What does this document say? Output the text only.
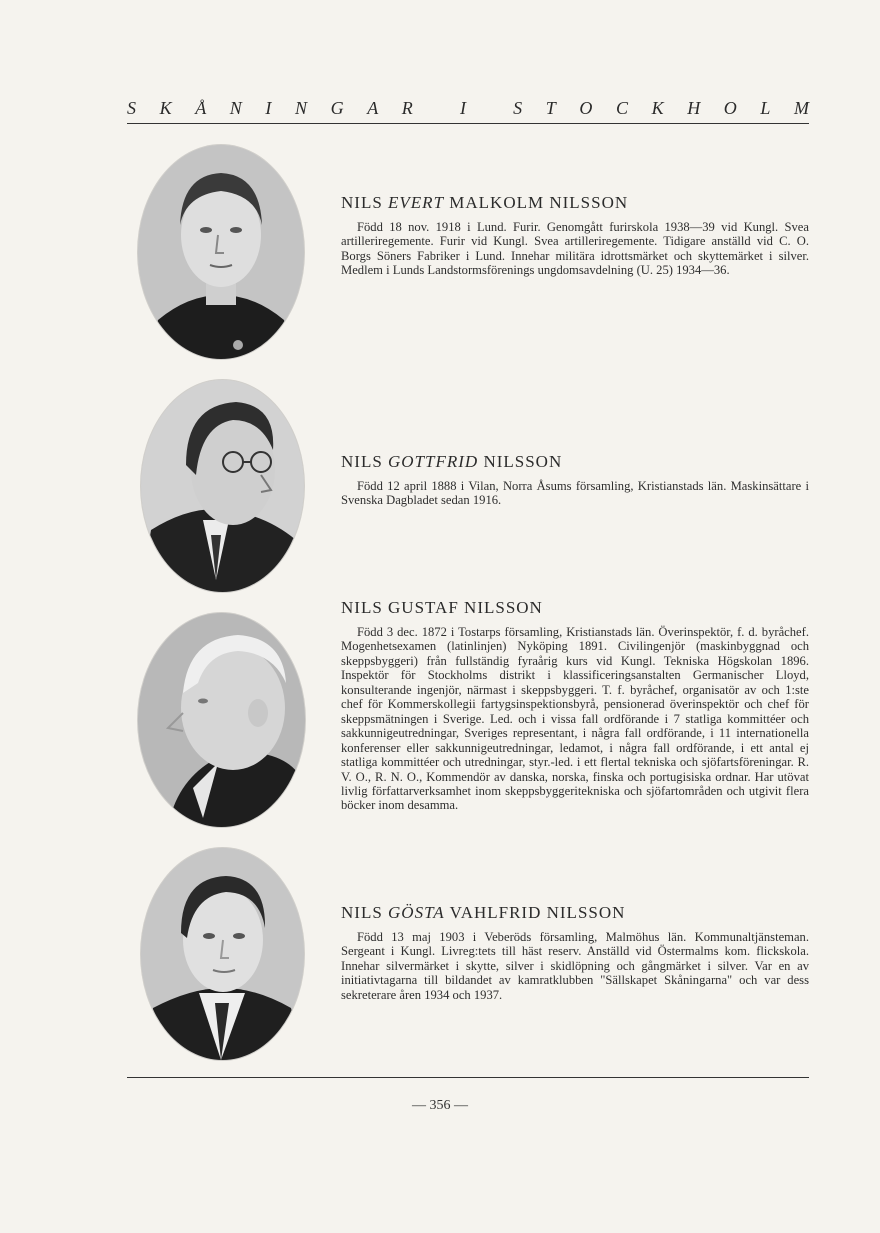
S K Å N I N G A R	I	S T O C K H O L M
NILS EVERT MALKOLM NILSSON

Född 18 nov. 1918 i Lund. Furir. Genomgått furirskola 1938—39 vid Kungl. Svea artilleriregemente. Furir vid Kungl. Svea artilleriregemente. Tidigare anställd vid C. O. Borgs Söners Fabriker i Lund. Innehar militära idrottsmärket och skyttemärket i silver. Medlem i Lunds Landstormsförenings ungdomsavdelning (U. 25) 1934—36.

NILS GOTTFRID NILSSON

Född 12 april 1888 i Vilan, Norra Åsums församling, Kristianstads län. Maskinsättare i Svenska Dagbladet sedan 1916.

NILS GUSTAF NILSSON

Född 3 dec. 1872 i Tostarps församling, Kristianstads län. Överinspektör, f. d. byråchef. Mogenhetsexamen (latinlinjen) Nyköping 1891. Civilingenjör (maskinbyggnad och skeppsbyggeri) från fullständig fyraårig kurs vid Kungl. Tekniska Högskolan 1896. Inspektör för Stockholms distrikt i klassificeringsanstalten Germanischer Lloyd, konsulterande ingenjör, närmast i skeppsbyggeri. T. f. byråchef, organisatör av och 1:ste chef för Kommerskollegii fartygsinspektionsbyrå, pensionerad överinspektör och chef för skeppsmätningen i Sverige. Led. och i vissa fall ordförande i 7 statliga kommittéer och sakkunnigeutredningar, Sveriges representant, i några fall ordförande, i 11 internationella konferenser eller sakkunnigeutredningar, ledamot, i några fall ordförande, i ett antal ej statliga kommittéer och utredningar, styr.-led. i ett flertal tekniska och sjöfartsföreningar. R. V. O., R. N. O., Kommendör av danska, norska, finska och portugisiska ordnar. Har utövat livlig författarverksamhet inom skeppsbyggeritekniska och sjöfartområden och utgivit flera böcker inom desamma.

NILS GÖSTA VAHLFRID NILSSON

Född 13 maj 1903 i Veberöds församling, Malmöhus län. Kommunaltjänsteman. Sergeant i Kungl. Livreg:tets till häst reserv. Anställd vid Östermalms kom. flickskola. Innehar silvermärket i skytte, silver i skidlöpning och gångmärket i silver. Var en av initiativtagarna till bildandet av kamratklubben "Sällskapet Skåningarna" och var dess sekreterare åren 1934 och 1937.

— 356 —
